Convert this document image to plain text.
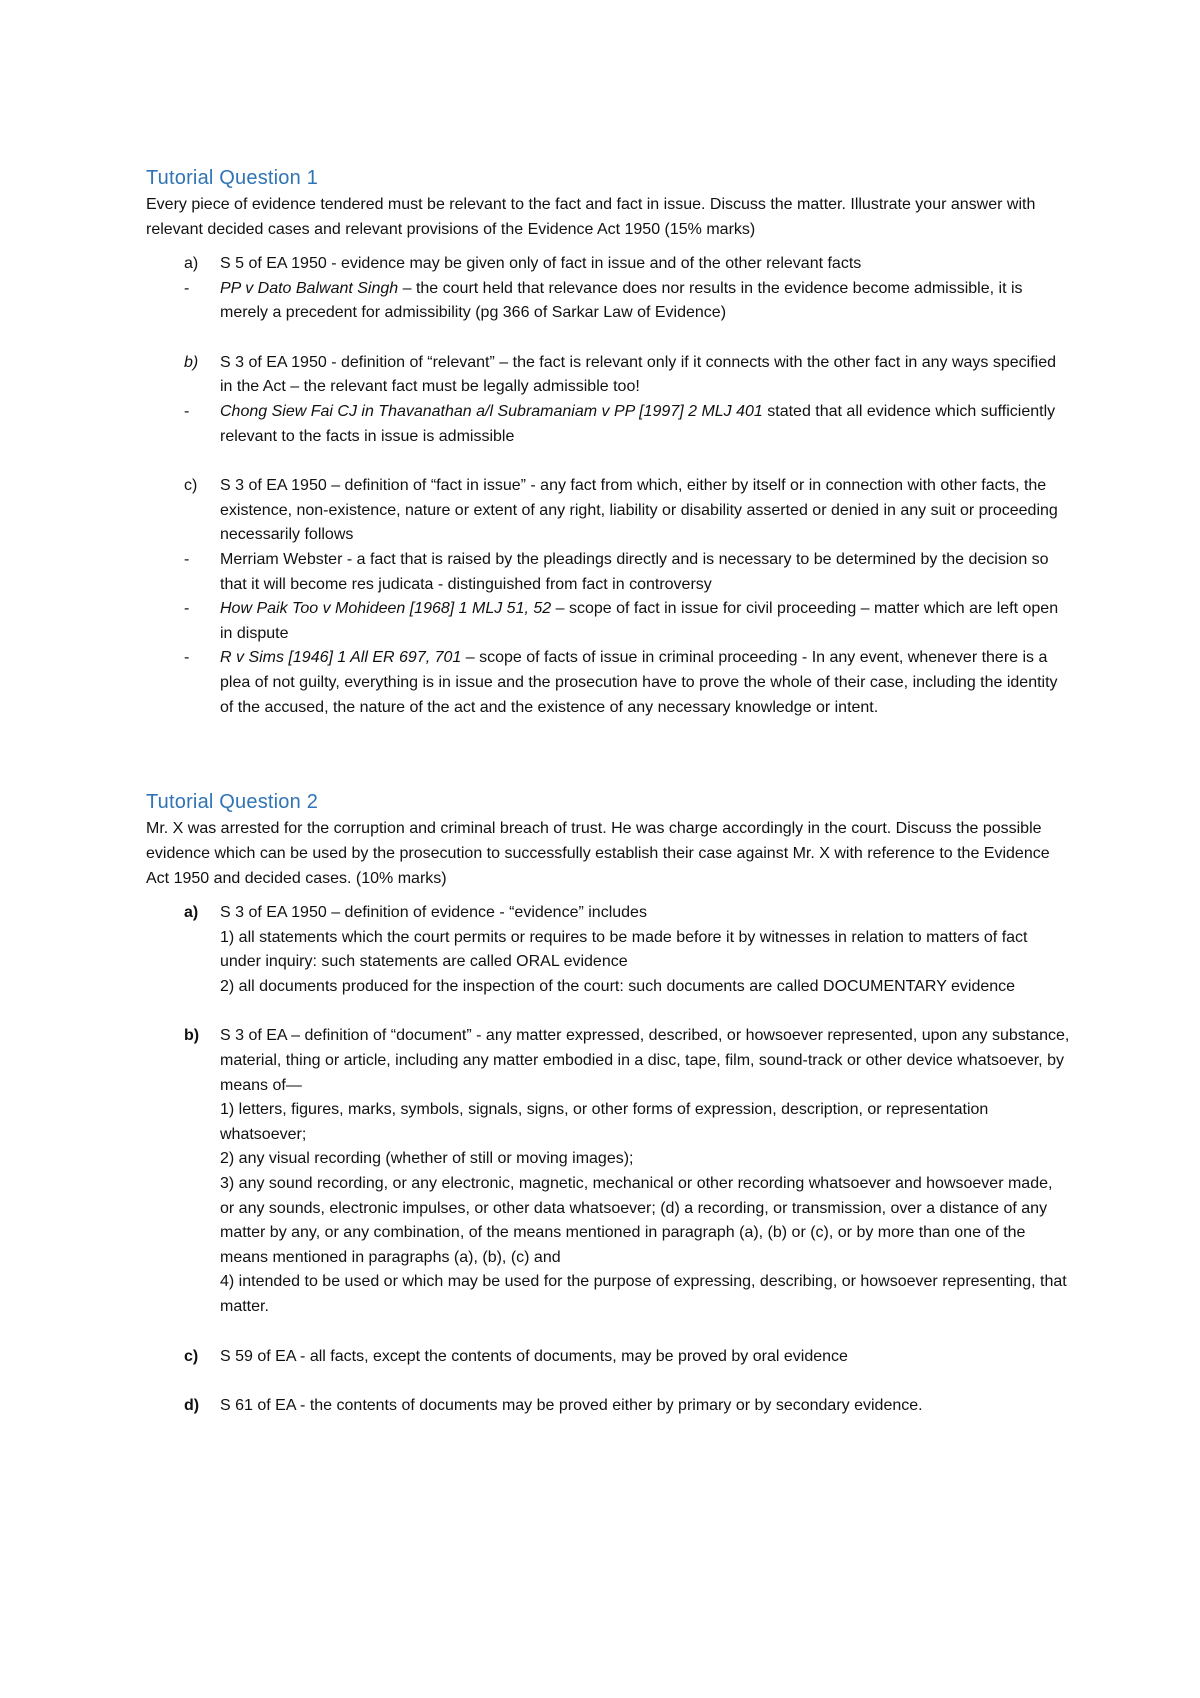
Tutorial Question 1
Every piece of evidence tendered must be relevant to the fact and fact in issue. Discuss the matter. Illustrate your answer with relevant decided cases and relevant provisions of the Evidence Act 1950 (15% marks)
a) S 5 of EA 1950 - evidence may be given only of fact in issue and of the other relevant facts
- PP v Dato Balwant Singh – the court held that relevance does nor results in the evidence become admissible, it is merely a precedent for admissibility (pg 366 of Sarkar Law of Evidence)
b) S 3 of EA 1950 - definition of “relevant” – the fact is relevant only if it connects with the other fact in any ways specified in the Act – the relevant fact must be legally admissible too!
- Chong Siew Fai CJ in Thavanathan a/l Subramaniam v PP [1997] 2 MLJ 401 stated that all evidence which sufficiently relevant to the facts in issue is admissible
c) S 3 of EA 1950 – definition of “fact in issue” - any fact from which, either by itself or in connection with other facts, the existence, non-existence, nature or extent of any right, liability or disability asserted or denied in any suit or proceeding necessarily follows
- Merriam Webster - a fact that is raised by the pleadings directly and is necessary to be determined by the decision so that it will become res judicata - distinguished from fact in controversy
- How Paik Too v Mohideen [1968] 1 MLJ 51, 52 – scope of fact in issue for civil proceeding – matter which are left open in dispute
- R v Sims [1946] 1 All ER 697, 701 – scope of facts of issue in criminal proceeding - In any event, whenever there is a plea of not guilty, everything is in issue and the prosecution have to prove the whole of their case, including the identity of the accused, the nature of the act and the existence of any necessary knowledge or intent.
Tutorial Question 2
Mr. X was arrested for the corruption and criminal breach of trust. He was charge accordingly in the court. Discuss the possible evidence which can be used by the prosecution to successfully establish their case against Mr. X with reference to the Evidence Act 1950 and decided cases. (10% marks)
a) S 3 of EA 1950 – definition of evidence - “evidence” includes
1) all statements which the court permits or requires to be made before it by witnesses in relation to matters of fact under inquiry: such statements are called ORAL evidence
2) all documents produced for the inspection of the court: such documents are called DOCUMENTARY evidence
b) S 3 of EA – definition of “document” - any matter expressed, described, or howsoever represented, upon any substance, material, thing or article, including any matter embodied in a disc, tape, film, sound-track or other device whatsoever, by means of—
1) letters, figures, marks, symbols, signals, signs, or other forms of expression, description, or representation whatsoever;
2) any visual recording (whether of still or moving images);
3) any sound recording, or any electronic, magnetic, mechanical or other recording whatsoever and howsoever made, or any sounds, electronic impulses, or other data whatsoever; (d) a recording, or transmission, over a distance of any matter by any, or any combination, of the means mentioned in paragraph (a), (b) or (c), or by more than one of the means mentioned in paragraphs (a), (b), (c) and
4) intended to be used or which may be used for the purpose of expressing, describing, or howsoever representing, that matter.
c) S 59 of EA - all facts, except the contents of documents, may be proved by oral evidence
d) S 61 of EA - the contents of documents may be proved either by primary or by secondary evidence.
